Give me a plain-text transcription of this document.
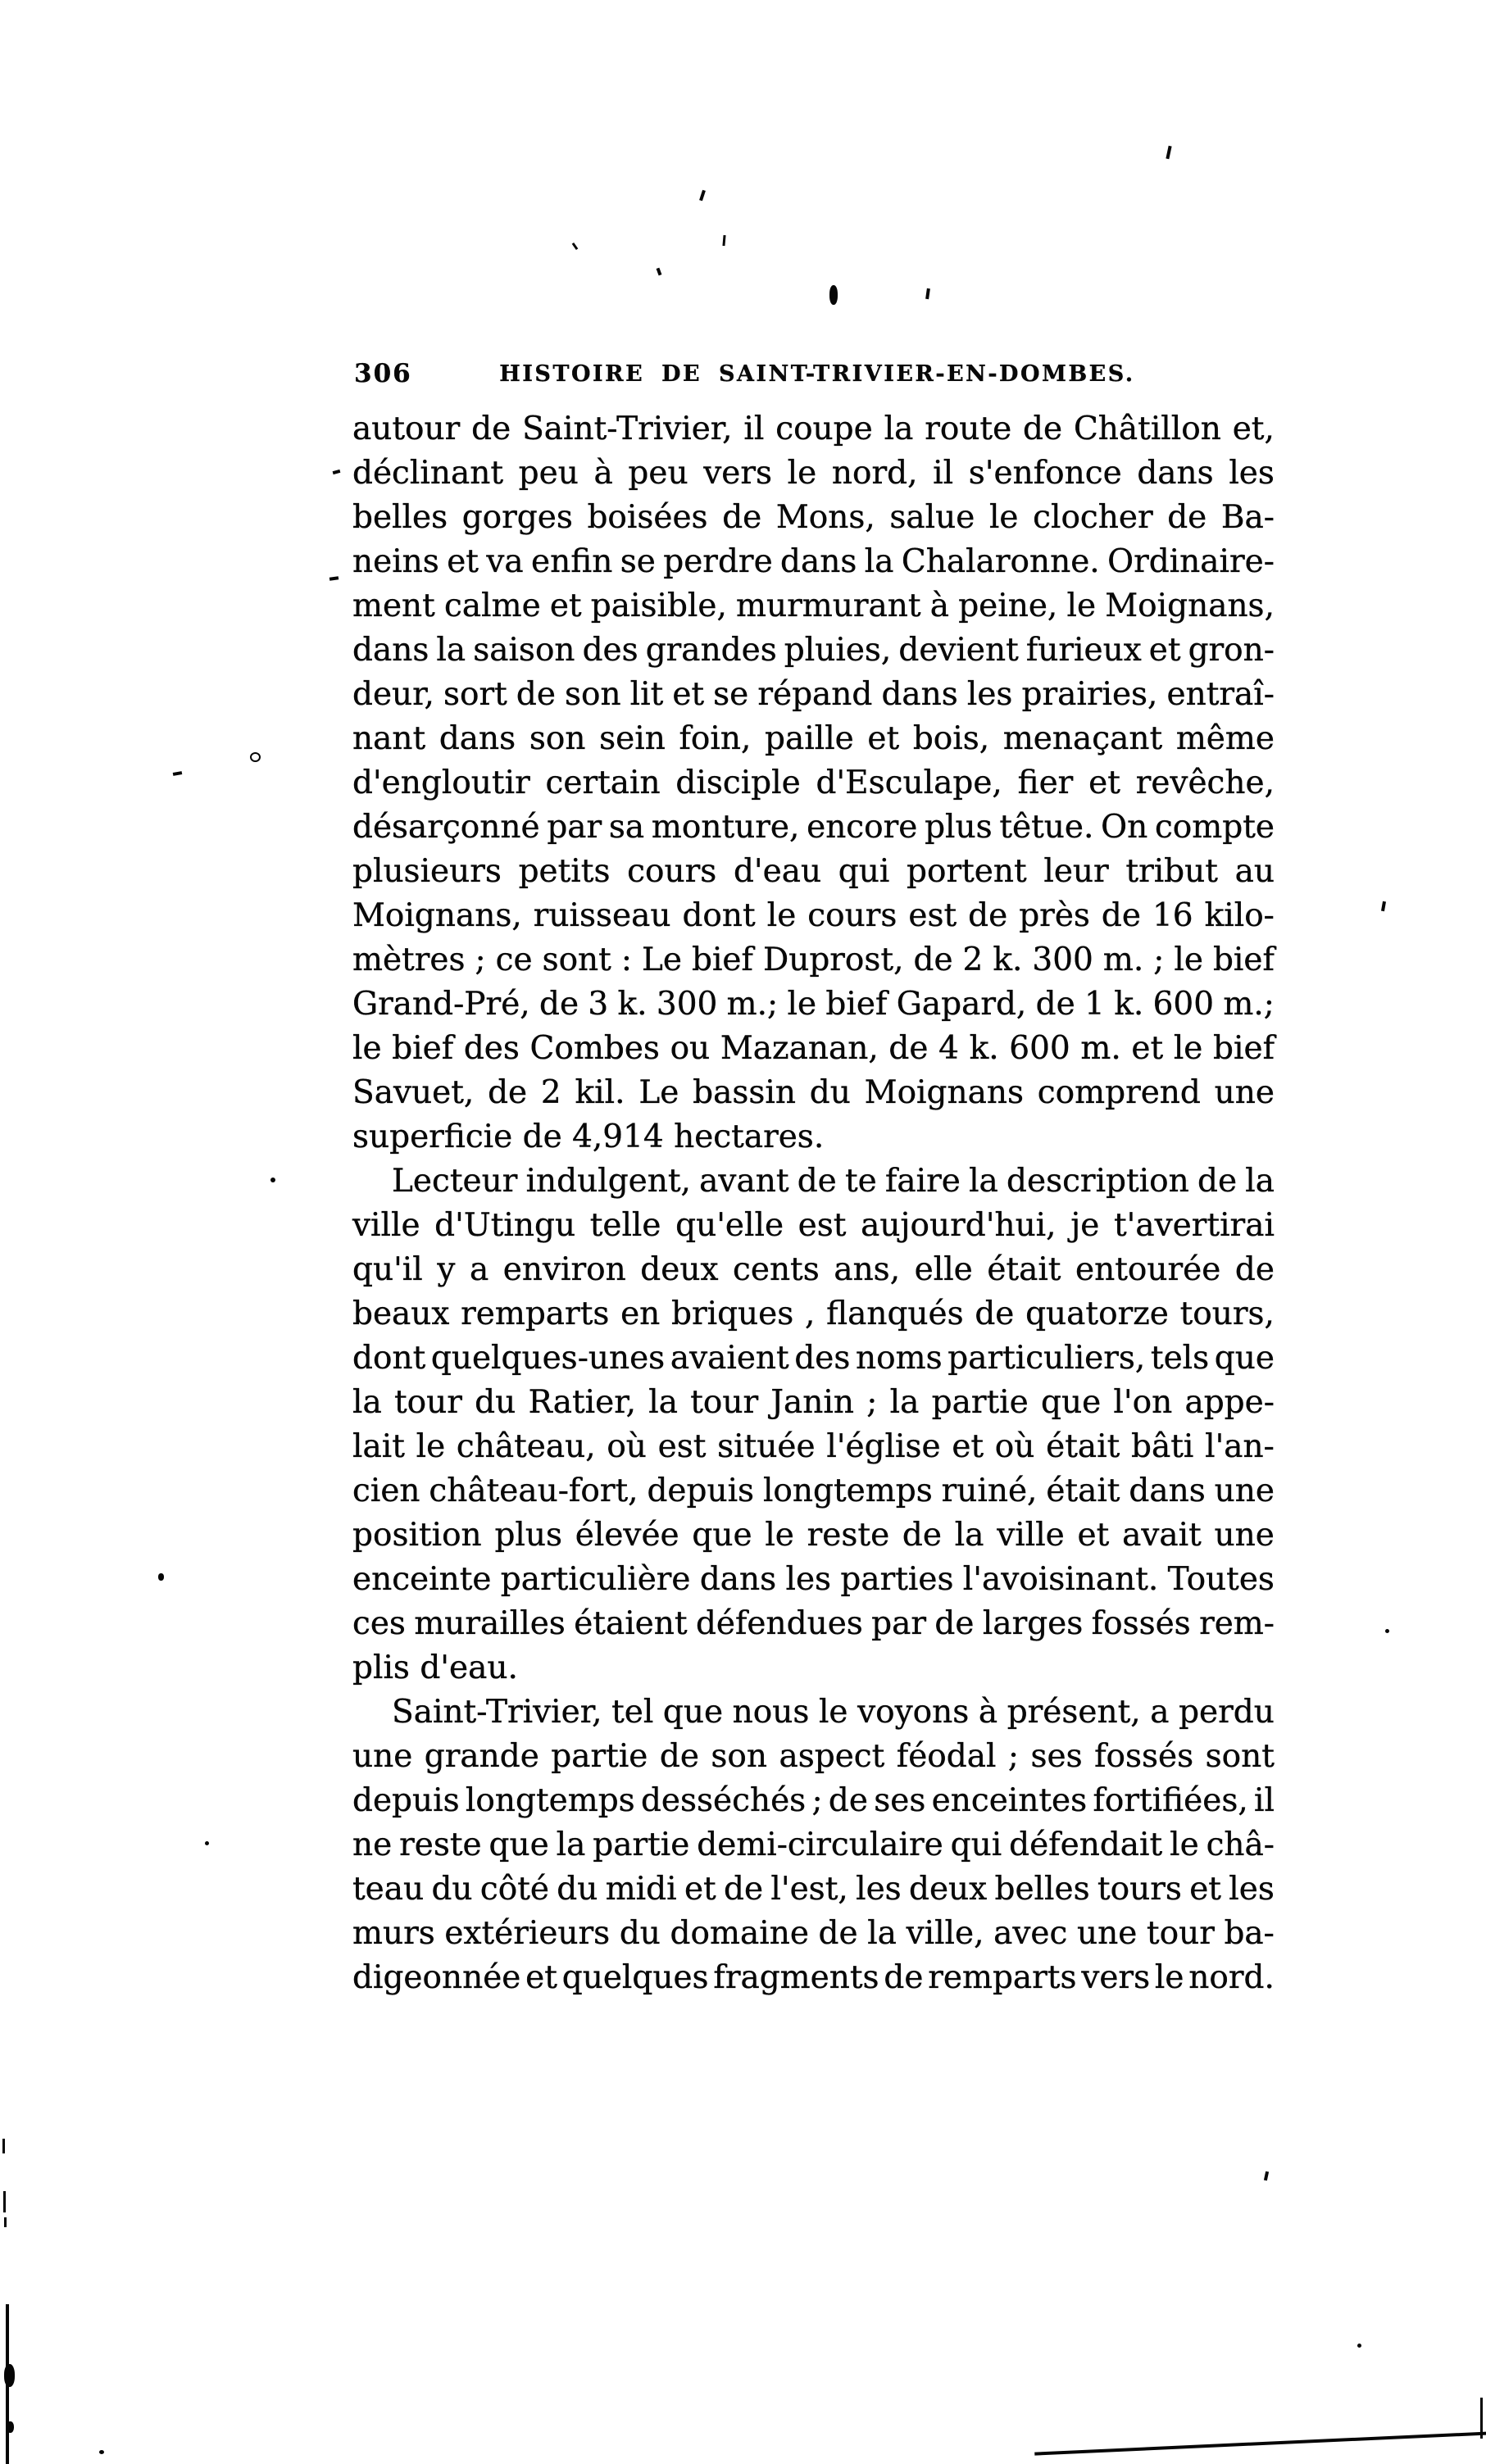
306	HISTOIRE DE SAINT-TRIVIER-EN-DOMBES.
autour de Saint-Trivier, il coupe la route de Châtillon et,
déclinant peu à peu vers le nord, il s'enfonce dans les
belles gorges boisées de Mons, salue le clocher de Ba-
neins et va enfin se perdre dans la Chalaronne. Ordinaire-
ment calme et paisible, murmurant à peine, le Moignans,
dans la saison des grandes pluies, devient furieux et gron-
deur, sort de son lit et se répand dans les prairies, entraî-
nant dans son sein foin, paille et bois, menaçant même
d'engloutir certain disciple d'Esculape, fier et revêche,
désarçonné par sa monture, encore plus têtue. On compte
plusieurs petits cours d'eau qui portent leur tribut au
Moignans, ruisseau dont le cours est de près de 16 kilo-
mètres ; ce sont : Le bief Duprost, de 2 k. 300 m. ; le bief
Grand-Pré, de 3 k. 300 m.; le bief Gapard, de 1 k. 600 m.;
le bief des Combes ou Mazanan, de 4 k. 600 m. et le bief
Savuet, de 2 kil. Le bassin du Moignans comprend une
superficie de 4,914 hectares.
Lecteur indulgent, avant de te faire la description de la
ville d'Utingu telle qu'elle est aujourd'hui, je t'avertirai
qu'il y a environ deux cents ans, elle était entourée de
beaux remparts en briques , flanqués de quatorze tours,
dont quelques-unes avaient des noms particuliers, tels que
la tour du Ratier, la tour Janin ; la partie que l'on appe-
lait le château, où est située l'église et où était bâti l'an-
cien château-fort, depuis longtemps ruiné, était dans une
position plus élevée que le reste de la ville et avait une
enceinte particulière dans les parties l'avoisinant. Toutes
ces murailles étaient défendues par de larges fossés rem-
plis d'eau.
Saint-Trivier, tel que nous le voyons à présent, a perdu
une grande partie de son aspect féodal ; ses fossés sont
depuis longtemps desséchés ; de ses enceintes fortifiées, il
ne reste que la partie demi-circulaire qui défendait le châ-
teau du côté du midi et de l'est, les deux belles tours et les
murs extérieurs du domaine de la ville, avec une tour ba-
digeonnée et quelques fragments de remparts vers le nord.
